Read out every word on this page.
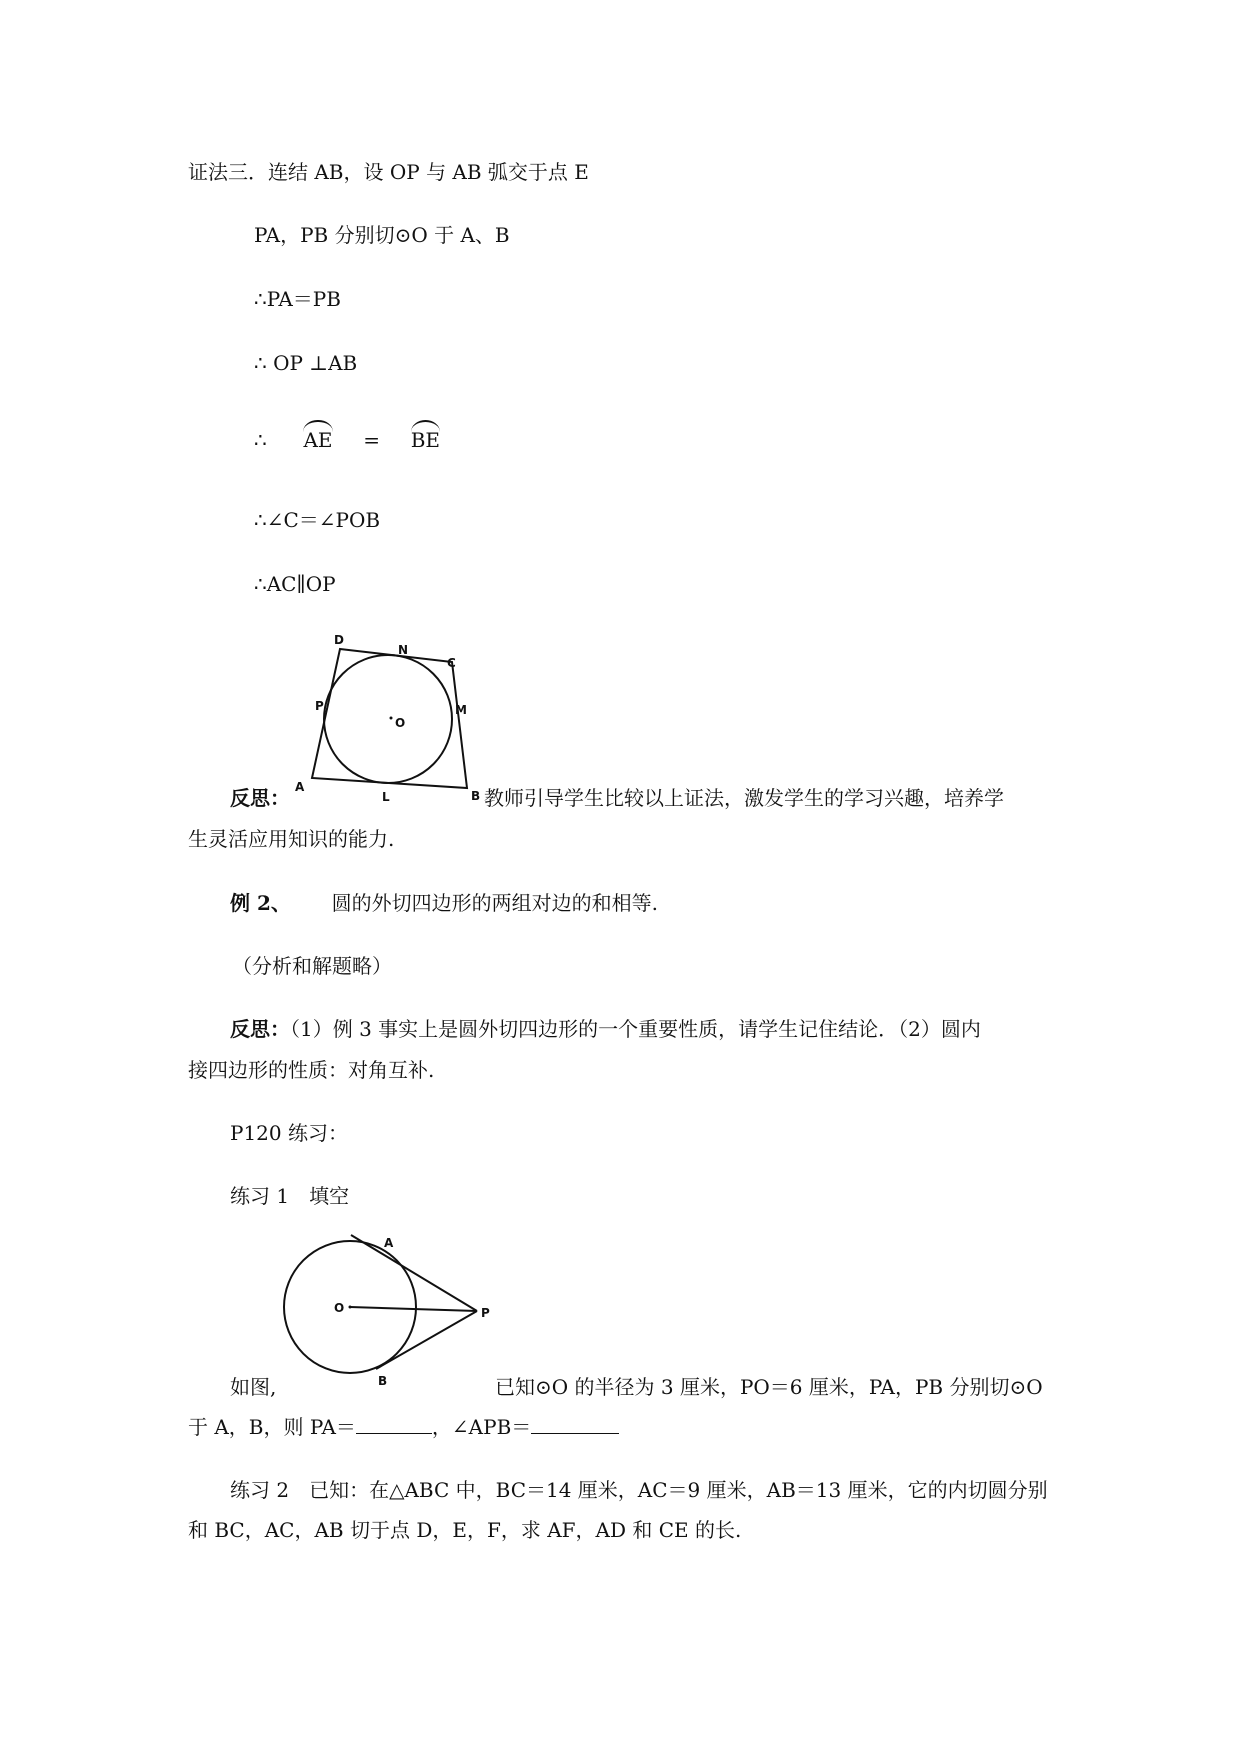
证法三．连结 AB，设 OP 与 AB 弧交于点 E
PA，PB 分别切⊙O 于 A、B
∴PA＝PB
∴ OP ⊥AB
∴ AE = BE
∴∠C＝∠POB
∴AC∥OP
D
N
C
P	M
O
A
L	B
反思：	教师引导学生比较以上证法，激发学生的学习兴趣，培养学
生灵活应用知识的能力.
例 2、 圆的外切四边形的两组对边的和相等.
（分析和解题略）
反思：（1）例 3 事实上是圆外切四边形的一个重要性质，请学生记住结论．（2）圆内
接四边形的性质：对角互补.
P120 练习：
练习 1　填空
A
O	P
B
如图,	已知⊙O 的半径为 3 厘米，PO＝6 厘米，PA，PB 分别切⊙O
于 A，B，则 PA＝	，∠APB＝
练习 2　已知：在△ABC 中，BC＝14 厘米，AC＝9 厘米，AB＝13 厘米，它的内切圆分别
和 BC，AC，AB 切于点 D，E，F，求 AF，AD 和 CE 的长.
